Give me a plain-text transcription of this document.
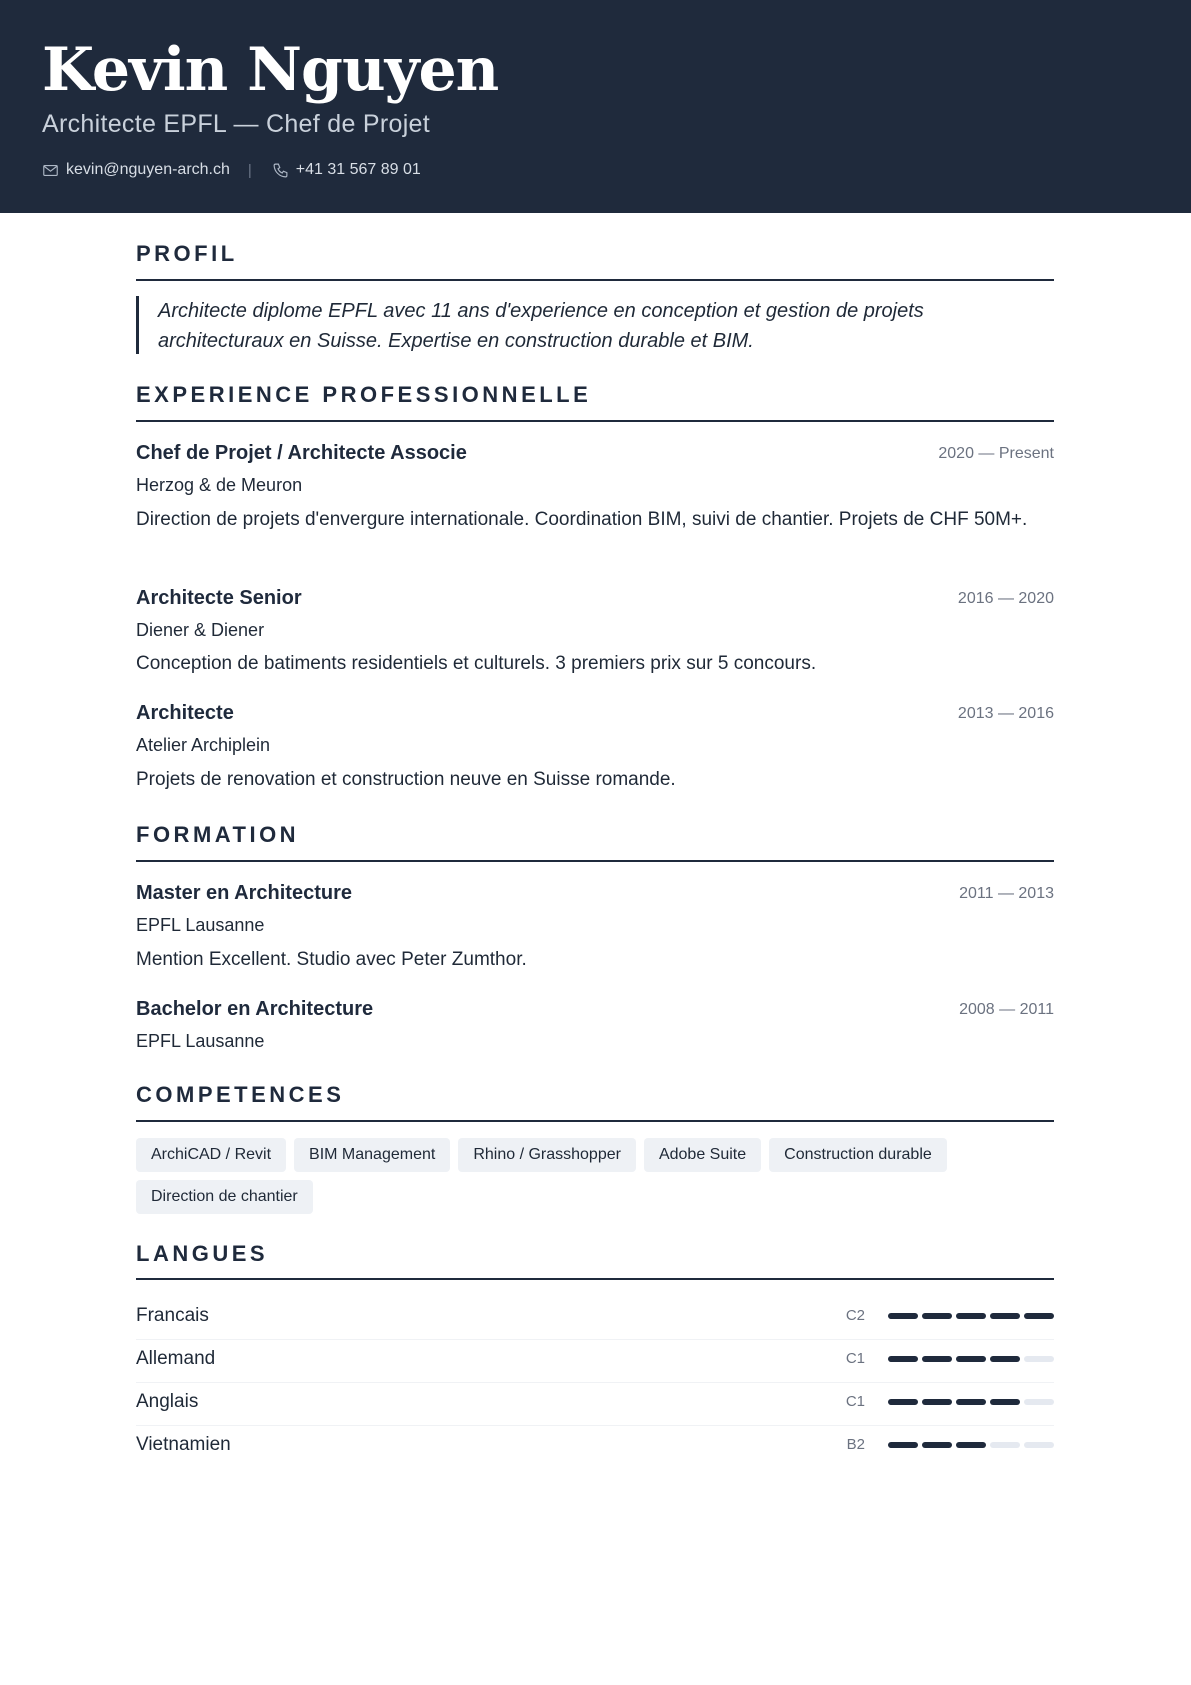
Kevin Nguyen
Architecte EPFL — Chef de Projet
kevin@nguyen-arch.ch |	+41 31 567 89 01
PROFIL
Architecte diplome EPFL avec 11 ans d'experience en conception et gestion de projets architecturaux en Suisse. Expertise en construction durable et BIM.
EXPERIENCE PROFESSIONNELLE
Chef de Projet / Architecte Associe	2020 — Present
Herzog & de Meuron
Direction de projets d'envergure internationale. Coordination BIM, suivi de chantier. Projets de CHF 50M+.
Architecte Senior	2016 — 2020
Diener & Diener
Conception de batiments residentiels et culturels. 3 premiers prix sur 5 concours.
Architecte	2013 — 2016
Atelier Archiplein
Projets de renovation et construction neuve en Suisse romande.
FORMATION
Master en Architecture	2011 — 2013
EPFL Lausanne
Mention Excellent. Studio avec Peter Zumthor.
Bachelor en Architecture	2008 — 2011
EPFL Lausanne
COMPETENCES
ArchiCAD / Revit	BIM Management	Rhino / Grasshopper	Adobe Suite	Construction durable
Direction de chantier
LANGUES
Francais	C2
Allemand	C1
Anglais	C1
Vietnamien	B2
